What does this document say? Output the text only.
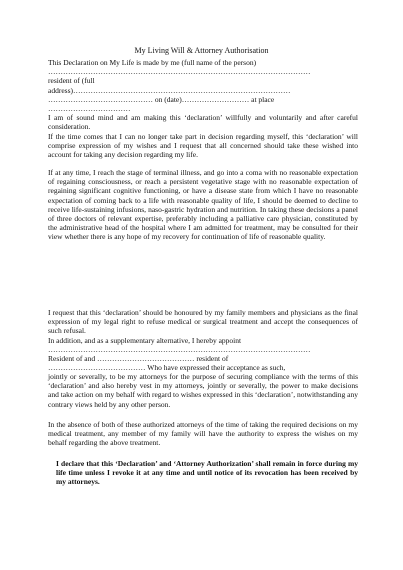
My Living Will & Attorney Authorisation
This Declaration on My Life is made by me (full name of the person)
……………………………………………………………………………………………
resident of (full
address)……………………………………………………………………………
…………………………………… on (date)……………………… at place
……………………………
I am of sound mind and am making this ‘declaration’ willfully and voluntarily and after careful consideration.
If the time comes that I can no longer take part in decision regarding myself, this ‘declaration’ will comprise expression of my wishes and I request that all concerned should take these wished into account for taking any decision regarding my life.
If at any time, I reach the stage of terminal illness, and go into a coma with no reasonable expectation of regaining consciousness, or reach a persistent vegetative stage with no reasonable expectation of regaining significant cognitive functioning, or have a disease state from which I have no reasonable expectation of coming back to a life with reasonable quality of life, I should be deemed to decline to receive life-sustaining infusions, naso-gastric hydration and nutrition. In taking these decisions a panel of three doctors of relevant expertise, preferably including a palliative care physician, constituted by the administrative head of the hospital where I am admitted for treatment, may be consulted for their view whether there is any hope of my recovery for continuation of life of reasonable quality.
I request that this ‘declaration’ should be honoured by my family members and physicians as the final expression of my legal right to refuse medical or surgical treatment and accept the consequences of such refusal.
In addition, and as a supplementary alternative, I hereby appoint
……………………………………………………………………………………………
Resident of and ………………………………… resident of
………………………………… Who have expressed their acceptance as such,
jointly or severally, to be my attorneys for the purpose of securing compliance with the terms of this ‘declaration’ and also hereby vest in my attorneys, jointly or severally, the power to make decisions and take action on my behalf with regard to wishes expressed in this ‘declaration’, notwithstanding any contrary views held by any other person.
In the absence of both of these authorized attorneys of the time of taking the required decisions on my medical treatment, any member of my family will have the authority to express the wishes on my behalf regarding the above treatment.
I declare that this ‘Declaration’ and ‘Attorney Authorization’ shall remain in force during my life time unless I revoke it at any time and until notice of its revocation has been received by my attorneys.
